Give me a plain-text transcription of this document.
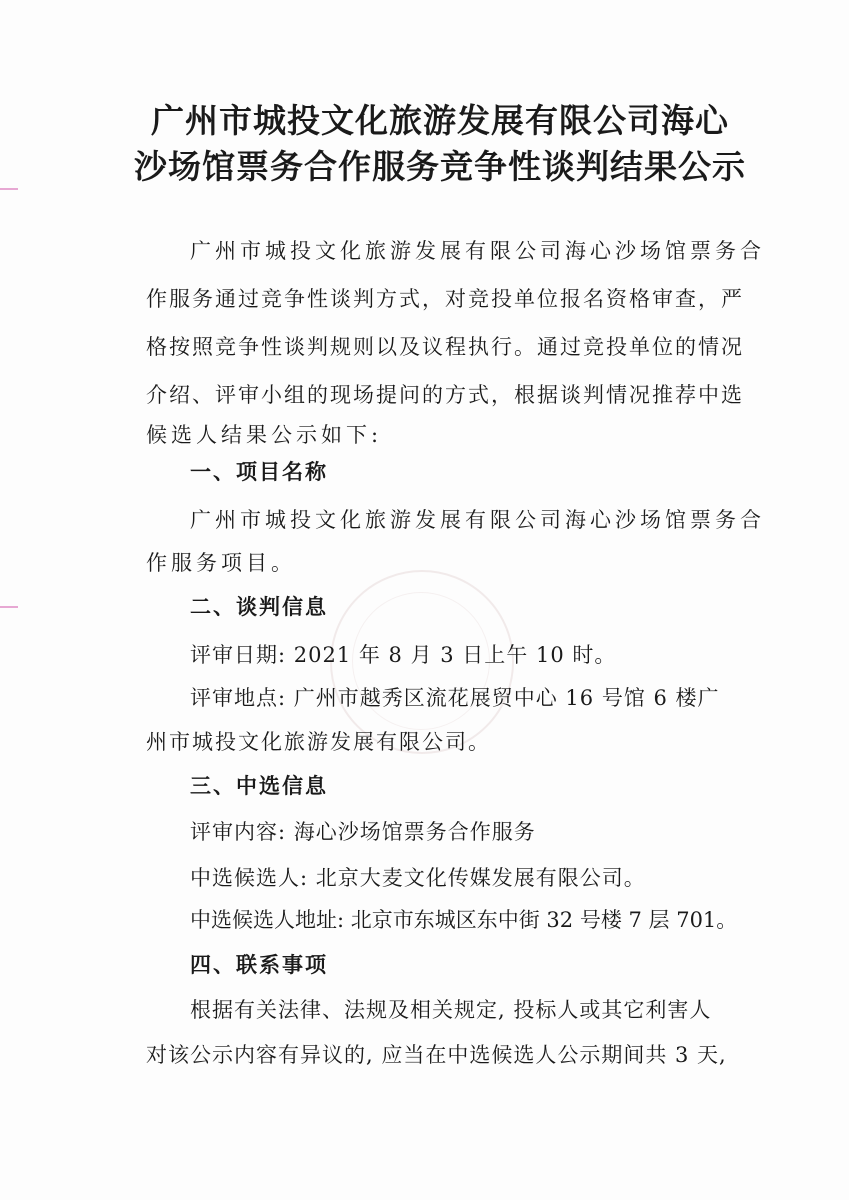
广州市城投文化旅游发展有限公司海心
沙场馆票务合作服务竞争性谈判结果公示
广州市城投文化旅游发展有限公司海心沙场馆票务合
作服务通过竞争性谈判方式，对竞投单位报名资格审查，严
格按照竞争性谈判规则以及议程执行。通过竞投单位的情况
介绍、评审小组的现场提问的方式，根据谈判情况推荐中选
候选人结果公示如下:
一、项目名称
广州市城投文化旅游发展有限公司海心沙场馆票务合
作服务项目。
二、谈判信息
评审日期: 2021 年 8 月 3 日上午 10 时。
评审地点: 广州市越秀区流花展贸中心 16 号馆 6 楼广
州市城投文化旅游发展有限公司。
三、中选信息
评审内容: 海心沙场馆票务合作服务
中选候选人: 北京大麦文化传媒发展有限公司。
中选候选人地址: 北京市东城区东中街 32 号楼 7 层 701。
四、联系事项
根据有关法律、法规及相关规定, 投标人或其它利害人
对该公示内容有异议的, 应当在中选候选人公示期间共 3 天,
